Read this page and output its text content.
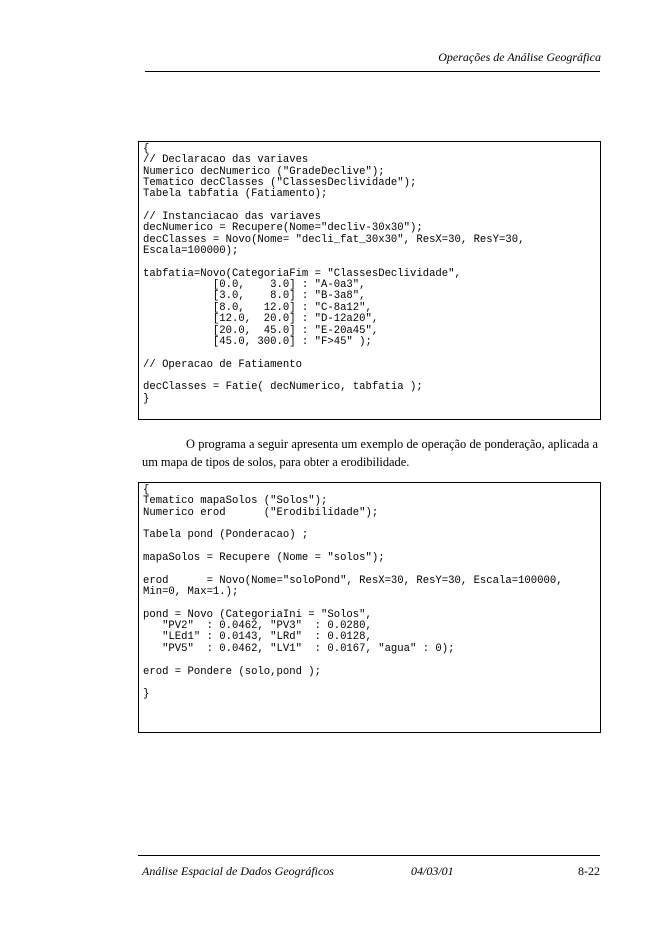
Operações de Análise Geográfica
{
// Declaracao das variaves
Numerico decNumerico ("GradeDeclive");
Tematico decClasses ("ClassesDeclividade");
Tabela tabfatia (Fatiamento);
// Instanciacao das variaves
decNumerico = Recupere(Nome="decliv-30x30");
decClasses = Novo(Nome= "decli_fat_30x30", ResX=30, ResY=30,
Escala=100000);
tabfatia=Novo(CategoriaFim = "ClassesDeclividade",
[0.0,    3.0] : "A-0a3",
[3.0,    8.0] : "B-3a8",
[8.0,   12.0] : "C-8a12",
[12.0,  20.0] : "D-12a20",
[20.0,  45.0] : "E-20a45",
[45.0, 300.0] : "F>45" );
// Operacao de Fatiamento
decClasses = Fatie( decNumerico, tabfatia );
}

O programa a seguir apresenta um exemplo de operação de ponderação, aplicada a um mapa de tipos de solos, para obter a erodibilidade.

{
Tematico mapaSolos ("Solos");
Numerico erod      ("Erodibilidade");
Tabela pond (Ponderacao) ;
mapaSolos = Recupere (Nome = "solos");
erod      = Novo(Nome="soloPond", ResX=30, ResY=30, Escala=100000,
Min=0, Max=1.);
pond = Novo (CategoriaIni = "Solos",
"PV2"  : 0.0462, "PV3"  : 0.0280,
"LEd1" : 0.0143, "LRd"  : 0.0128,
"PV5"  : 0.0462, "LV1"  : 0.0167, "agua" : 0);
erod = Pondere (solo,pond );
}
Análise Espacial de Dados Geográficos	04/03/01	8-22
